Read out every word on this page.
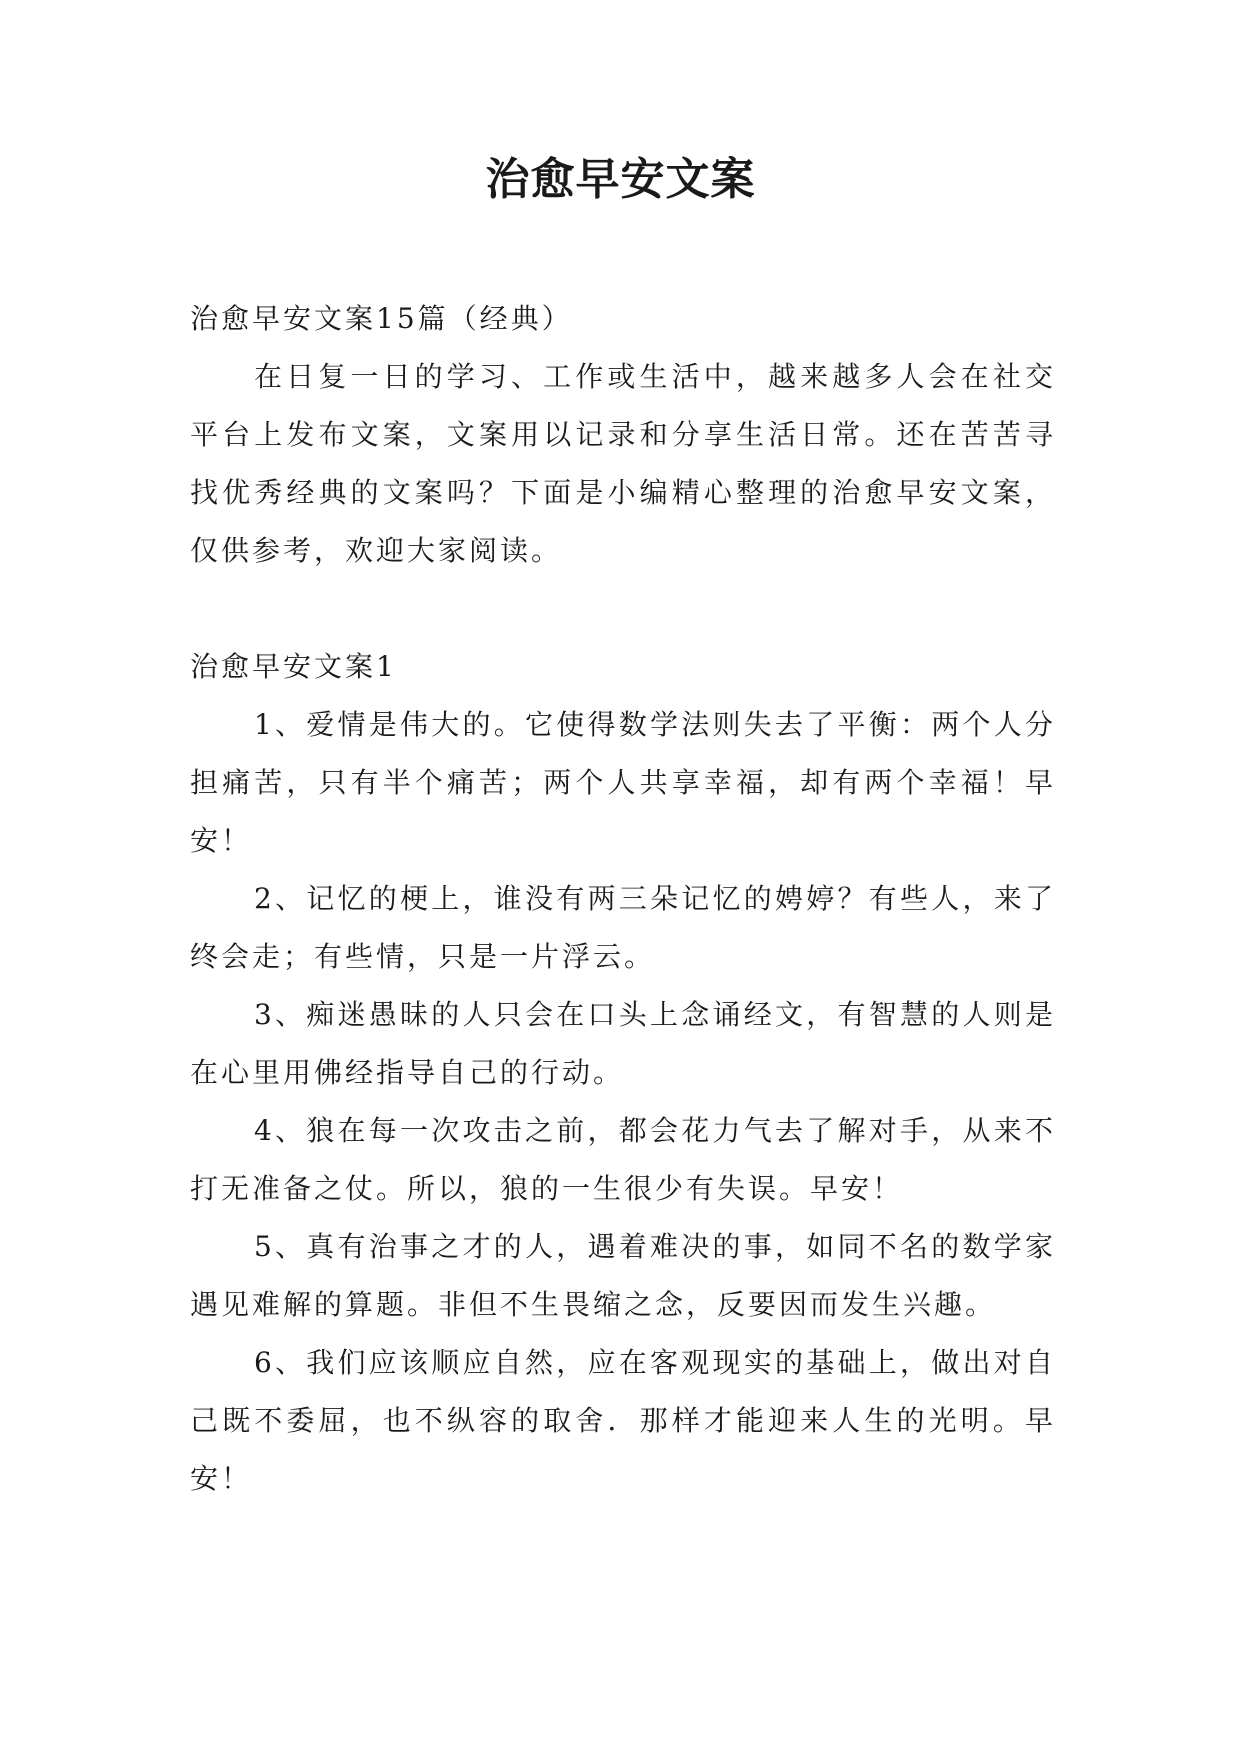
治愈早安文案

治愈早安文案15篇（经典）

在日复一日的学习、工作或生活中，越来越多人会在社交平台上发布文案，文案用以记录和分享生活日常。还在苦苦寻找优秀经典的文案吗？下面是小编精心整理的治愈早安文案，仅供参考，欢迎大家阅读。

治愈早安文案1

1、爱情是伟大的。它使得数学法则失去了平衡：两个人分担痛苦，只有半个痛苦；两个人共享幸福，却有两个幸福！早安！

2、记忆的梗上，谁没有两三朵记忆的娉婷？有些人，来了终会走；有些情，只是一片浮云。

3、痴迷愚昧的人只会在口头上念诵经文，有智慧的人则是在心里用佛经指导自己的行动。

4、狼在每一次攻击之前，都会花力气去了解对手，从来不打无准备之仗。所以，狼的一生很少有失误。早安！

5、真有治事之才的人，遇着难决的事，如同不名的数学家遇见难解的算题。非但不生畏缩之念，反要因而发生兴趣。

6、我们应该顺应自然，应在客观现实的基础上，做出对自己既不委屈，也不纵容的取舍．那样才能迎来人生的光明。早安！
